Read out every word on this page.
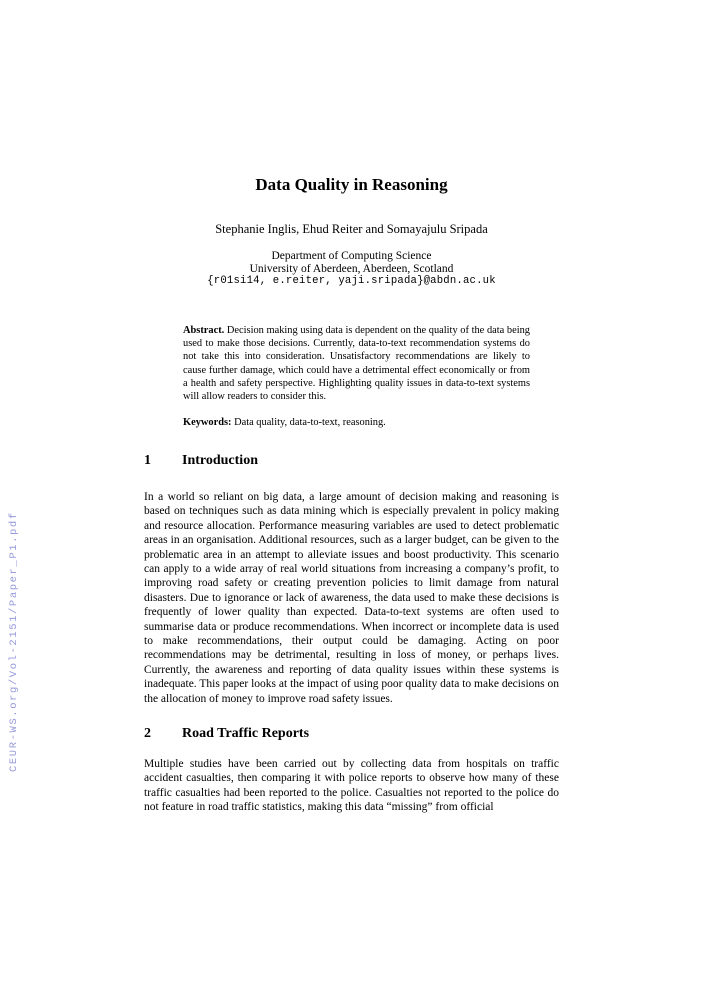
CEUR-WS.org/Vol-2151/Paper_P1.pdf
Data Quality in Reasoning

Stephanie Inglis, Ehud Reiter and Somayajulu Sripada

Department of Computing Science
University of Aberdeen, Aberdeen, Scotland
{r01si14, e.reiter, yaji.sripada}@abdn.ac.uk

Abstract. Decision making using data is dependent on the quality of the data being used to make those decisions. Currently, data-to-text recommendation systems do not take this into consideration. Unsatisfactory recommendations are likely to cause further damage, which could have a detrimental effect economically or from a health and safety perspective. Highlighting quality issues in data-to-text systems will allow readers to consider this.

Keywords: Data quality, data-to-text, reasoning.

1 Introduction

In a world so reliant on big data, a large amount of decision making and reasoning is based on techniques such as data mining which is especially prevalent in policy making and resource allocation. Performance measuring variables are used to detect problematic areas in an organisation. Additional resources, such as a larger budget, can be given to the problematic area in an attempt to alleviate issues and boost productivity. This scenario can apply to a wide array of real world situations from increasing a company’s profit, to improving road safety or creating prevention policies to limit damage from natural disasters. Due to ignorance or lack of awareness, the data used to make these decisions is frequently of lower quality than expected. Data-to-text systems are often used to summarise data or produce recommendations. When incorrect or incomplete data is used to make recommendations, their output could be damaging. Acting on poor recommendations may be detrimental, resulting in loss of money, or perhaps lives. Currently, the awareness and reporting of data quality issues within these systems is inadequate. This paper looks at the impact of using poor quality data to make decisions on the allocation of money to improve road safety issues.

2 Road Traffic Reports

Multiple studies have been carried out by collecting data from hospitals on traffic accident casualties, then comparing it with police reports to observe how many of these traffic casualties had been reported to the police. Casualties not reported to the police do not feature in road traffic statistics, making this data “missing” from official
